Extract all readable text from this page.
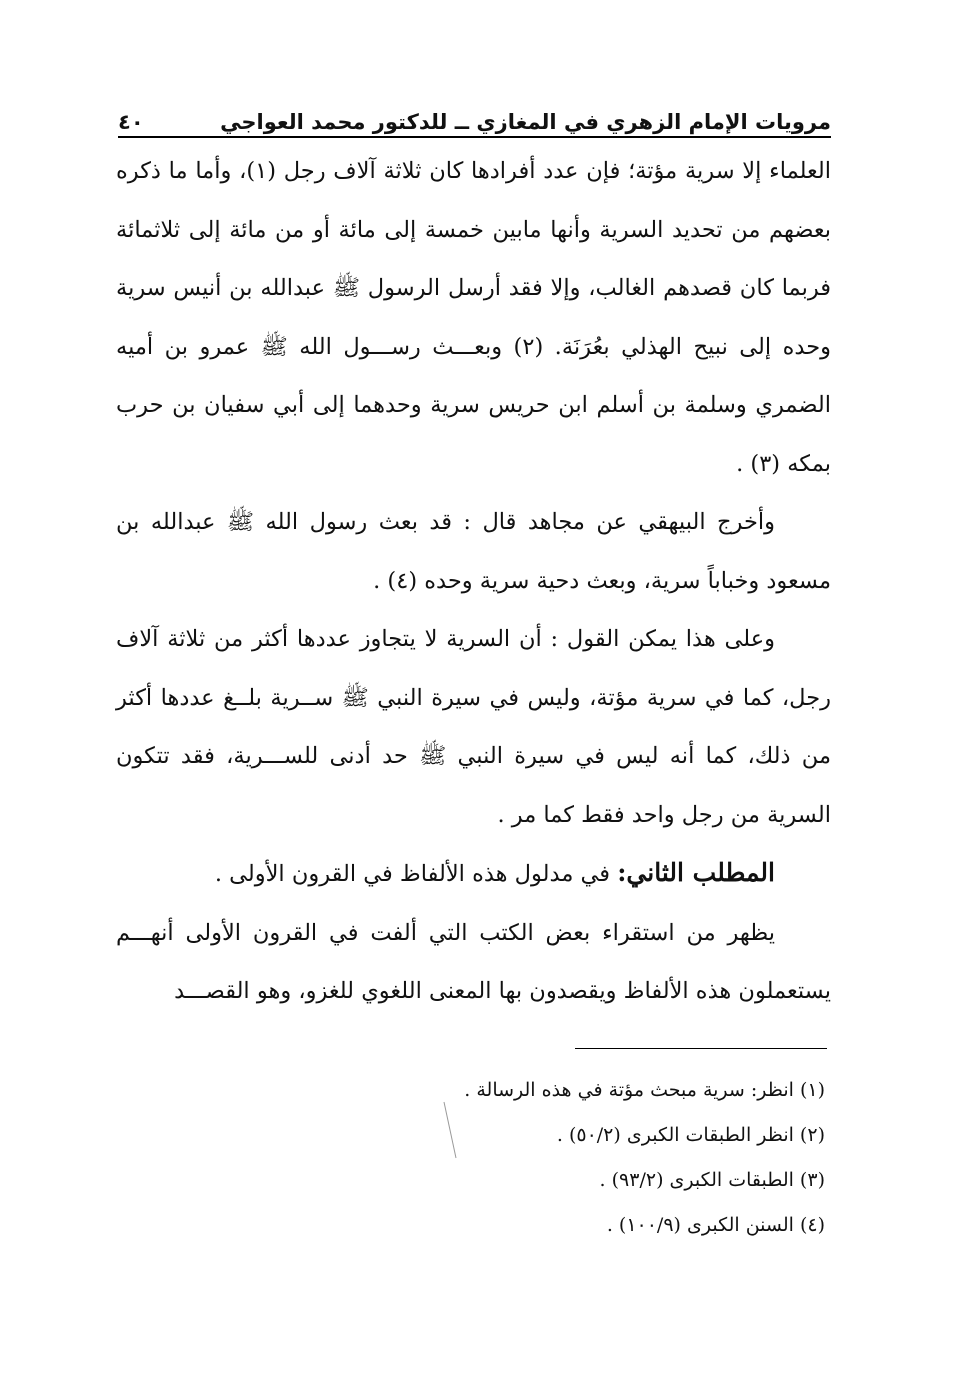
مرويات الإمام الزهري في المغازي ــ للدكتور محمد العواجي
٤٠

العلماء إلا سرية مؤتة؛ فإن عدد أفرادها كان ثلاثة آلاف رجل (١)، وأما ما ذكره بعضهم من تحديد السرية وأنها مابين خمسة إلى مائة أو من مائة إلى ثلاثمائة فربما كان قصدهم الغالب، وإلا فقد أرسل الرسول ﷺ عبدالله بن أنيس سرية وحده إلى نبيح الهذلي بعُرَنَة. (٢) وبعـــث رســـول الله ﷺ عمرو بن أميه الضمري وسلمة بن أسلم ابن حريس سرية وحدهما إلى أبي سفيان بن حرب بمكه (٣) .

وأخرج البيهقي عن مجاهد قال : قد بعث رسول الله ﷺ عبدالله بن مسعود وخباباً سرية، وبعث دحية سرية وحده (٤) .

وعلى هذا يمكن القول : أن السرية لا يتجاوز عددها أكثر من ثلاثة آلاف رجل، كما في سرية مؤتة، وليس في سيرة النبي ﷺ ســرية بلــغ عددها أكثر من ذلك، كما أنه ليس في سيرة النبي ﷺ حد أدنى للســـرية، فقد تتكون السرية من رجل واحد فقط كما مر .

المطلب الثاني: في مدلول هذه الألفاظ في القرون الأولى .

يظهر من استقراء بعض الكتب التي ألفت في القرون الأولى أنهـــم يستعملون هذه الألفاظ ويقصدون بها المعنى اللغوي للغزو، وهو القصـــد

(١) انظر: سرية مبحث مؤتة في هذه الرسالة .
(٢) انظر الطبقات الكبرى (٥٠/٢) .
(٣) الطبقات الكبرى (٩٣/٢) .
(٤) السنن الكبرى (١٠٠/٩) .
